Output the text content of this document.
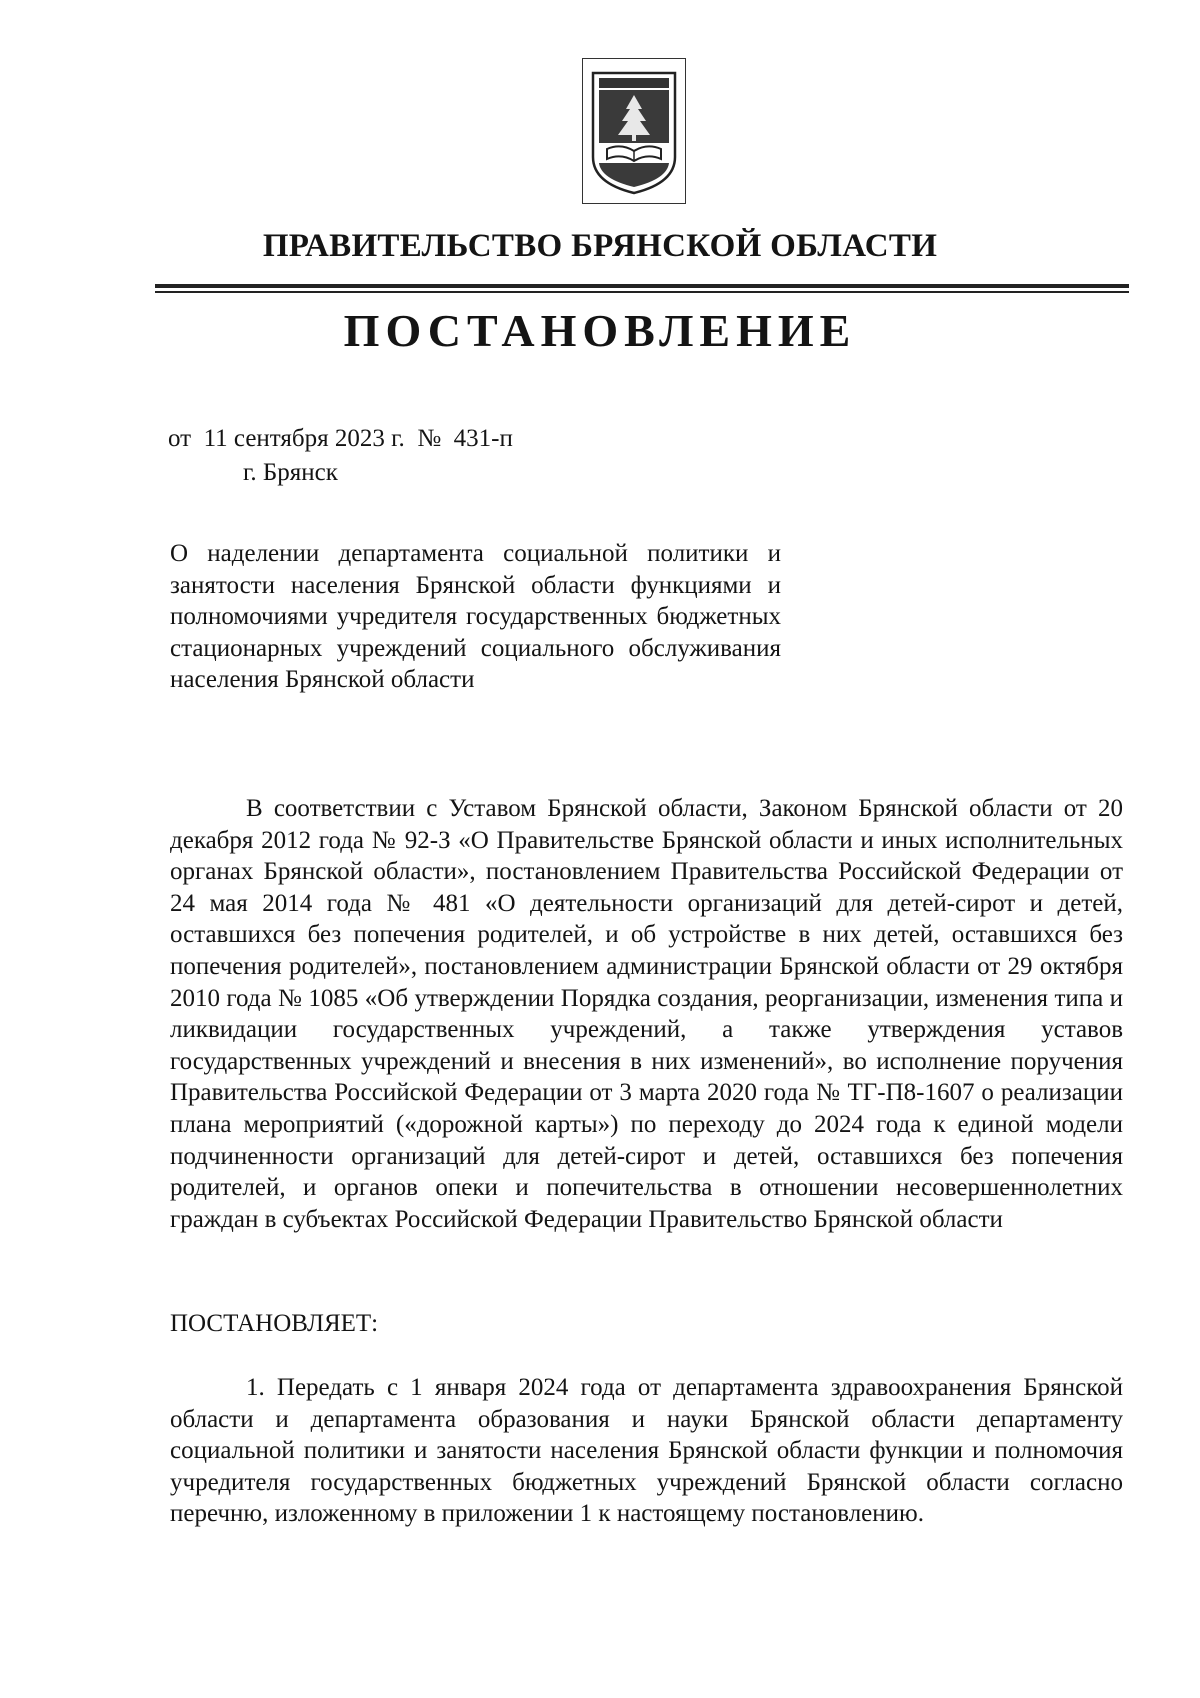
ПРАВИТЕЛЬСТВО БРЯНСКОЙ ОБЛАСТИ
ПОСТАНОВЛЕНИЕ
от 11 сентября 2023 г. № 431-п
г. Брянск
О наделении департамента социальной политики и занятости населения Брянской области функциями и полномочиями учредителя государственных бюджетных стационарных учреждений социального обслуживания населения Брянской области
В соответствии с Уставом Брянской области, Законом Брянской области от 20 декабря 2012 года № 92-З «О Правительстве Брянской области и иных исполнительных органах Брянской области», постановлением Правительства Российской Федерации от 24 мая 2014 года № 481 «О деятельности организаций для детей-сирот и детей, оставшихся без попечения родителей, и об устройстве в них детей, оставшихся без попечения родителей», постановлением администрации Брянской области от 29 октября 2010 года № 1085 «Об утверждении Порядка создания, реорганизации, изменения типа и ликвидации государственных учреждений, а также утверждения уставов государственных учреждений и внесения в них изменений», во исполнение поручения Правительства Российской Федерации от 3 марта 2020 года № ТГ-П8-1607 о реализации плана мероприятий («дорожной карты») по переходу до 2024 года к единой модели подчиненности организаций для детей-сирот и детей, оставшихся без попечения родителей, и органов опеки и попечительства в отношении несовершеннолетних граждан в субъектах Российской Федерации Правительство Брянской области
ПОСТАНОВЛЯЕТ:
1. Передать с 1 января 2024 года от департамента здравоохранения Брянской области и департамента образования и науки Брянской области департаменту социальной политики и занятости населения Брянской области функции и полномочия учредителя государственных бюджетных учреждений Брянской области согласно перечню, изложенному в приложении 1 к настоящему постановлению.
